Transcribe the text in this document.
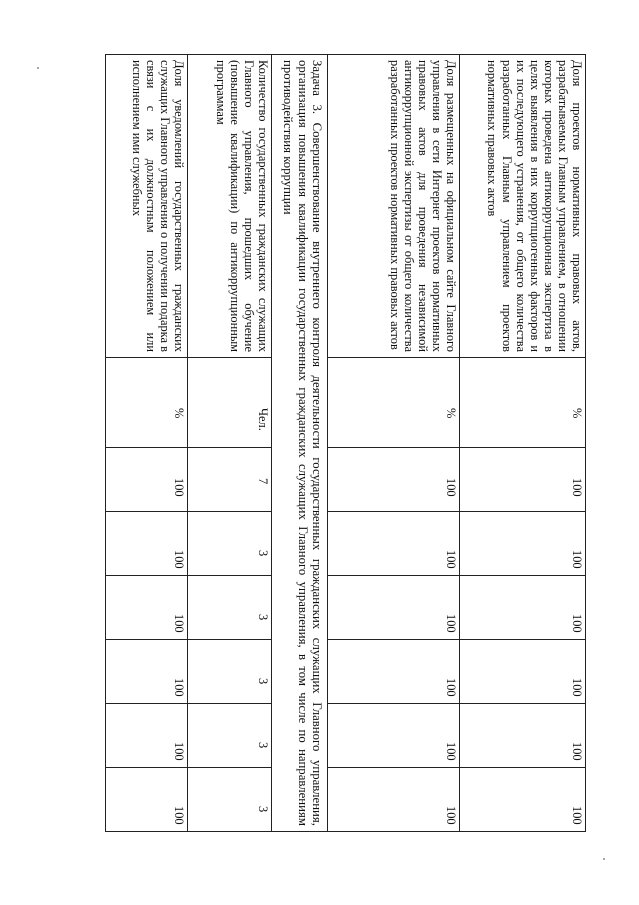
Доля проектов нормативных правовых актов, разрабатываемых Главным управлением, в отношении которых проведена антикоррупционная экспертиза в целях выявления в них коррупциогенных факторов и их последующего устранения, от общего количества разработанных Главным управлением проектов нормативных правовых актов	%	100	100	100	100	100	100
Доля размещенных на официальном сайте Главного управления в сети Интернет проектов нормативных правовых актов для проведения независимой антикоррупционной экспертизы от общего количества разработанных проектов нормативных правовых актов	%	100	100	100	100	100	100
Задача 3. Совершенствование внутреннего контроля деятельности государственных гражданских служащих Главного управления, организация повышения квалификации государственных гражданских служащих Главного управления, в том числе по направлениям противодействия коррупции							
Количество государственных гражданских служащих Главного управления, прошедших обучение (повышение квалификации) по антикоррупционным программам	Чел.	7	3	3	3	3	3
Доля уведомлений государственных гражданских служащих Главного управления о получении подарка в связи с их должностным положением или исполнением ими служебных	%	100	100	100	100	100	100
